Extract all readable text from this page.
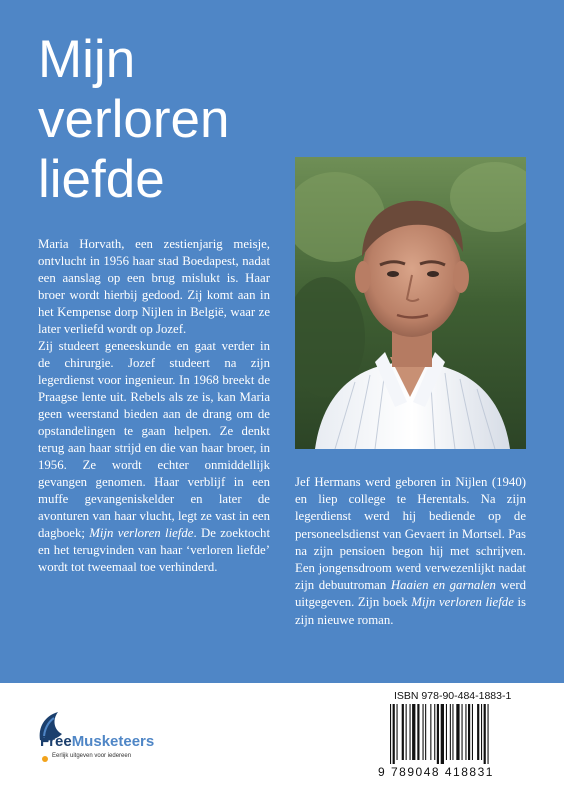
Mijn
verloren
liefde

Maria Horvath, een zestienjarig meisje, ontvlucht in 1956 haar stad Boedapest, nadat een aanslag op een brug mislukt is. Haar broer wordt hierbij gedood. Zij komt aan in het Kempense dorp Nijlen in België, waar ze later verliefd wordt op Jozef.

Zij studeert geneeskunde en gaat verder in de chirurgie. Jozef studeert na zijn legerdienst voor ingenieur. In 1968 breekt de Praagse lente uit. Rebels als ze is, kan Maria geen weerstand bieden aan de drang om de opstandelingen te gaan helpen. Ze denkt terug aan haar strijd en die van haar broer, in 1956. Ze wordt echter onmiddellijk gevangen genomen. Haar verblijf in een muffe gevangeniskelder en later de avonturen van haar vlucht, legt ze vast in een dagboek; Mijn verloren liefde. De zoektocht en het terugvinden van haar ‘verloren liefde’ wordt tot tweemaal toe verhinderd.

Jef Hermans werd geboren in Nijlen (1940) en liep college te Herentals. Na zijn legerdienst werd hij bediende op de personeelsdienst van Gevaert in Mortsel. Pas na zijn pensioen begon hij met schrijven. Een jongensdroom werd verwezenlijkt nadat zijn debuutroman Haaien en garnalen werd uitgegeven. Zijn boek Mijn verloren liefde is zijn nieuwe roman.

FreeMusketeers
Eerlijk uitgeven voor iedereen
ISBN 978-90-484-1883-1
9 789048 418831
